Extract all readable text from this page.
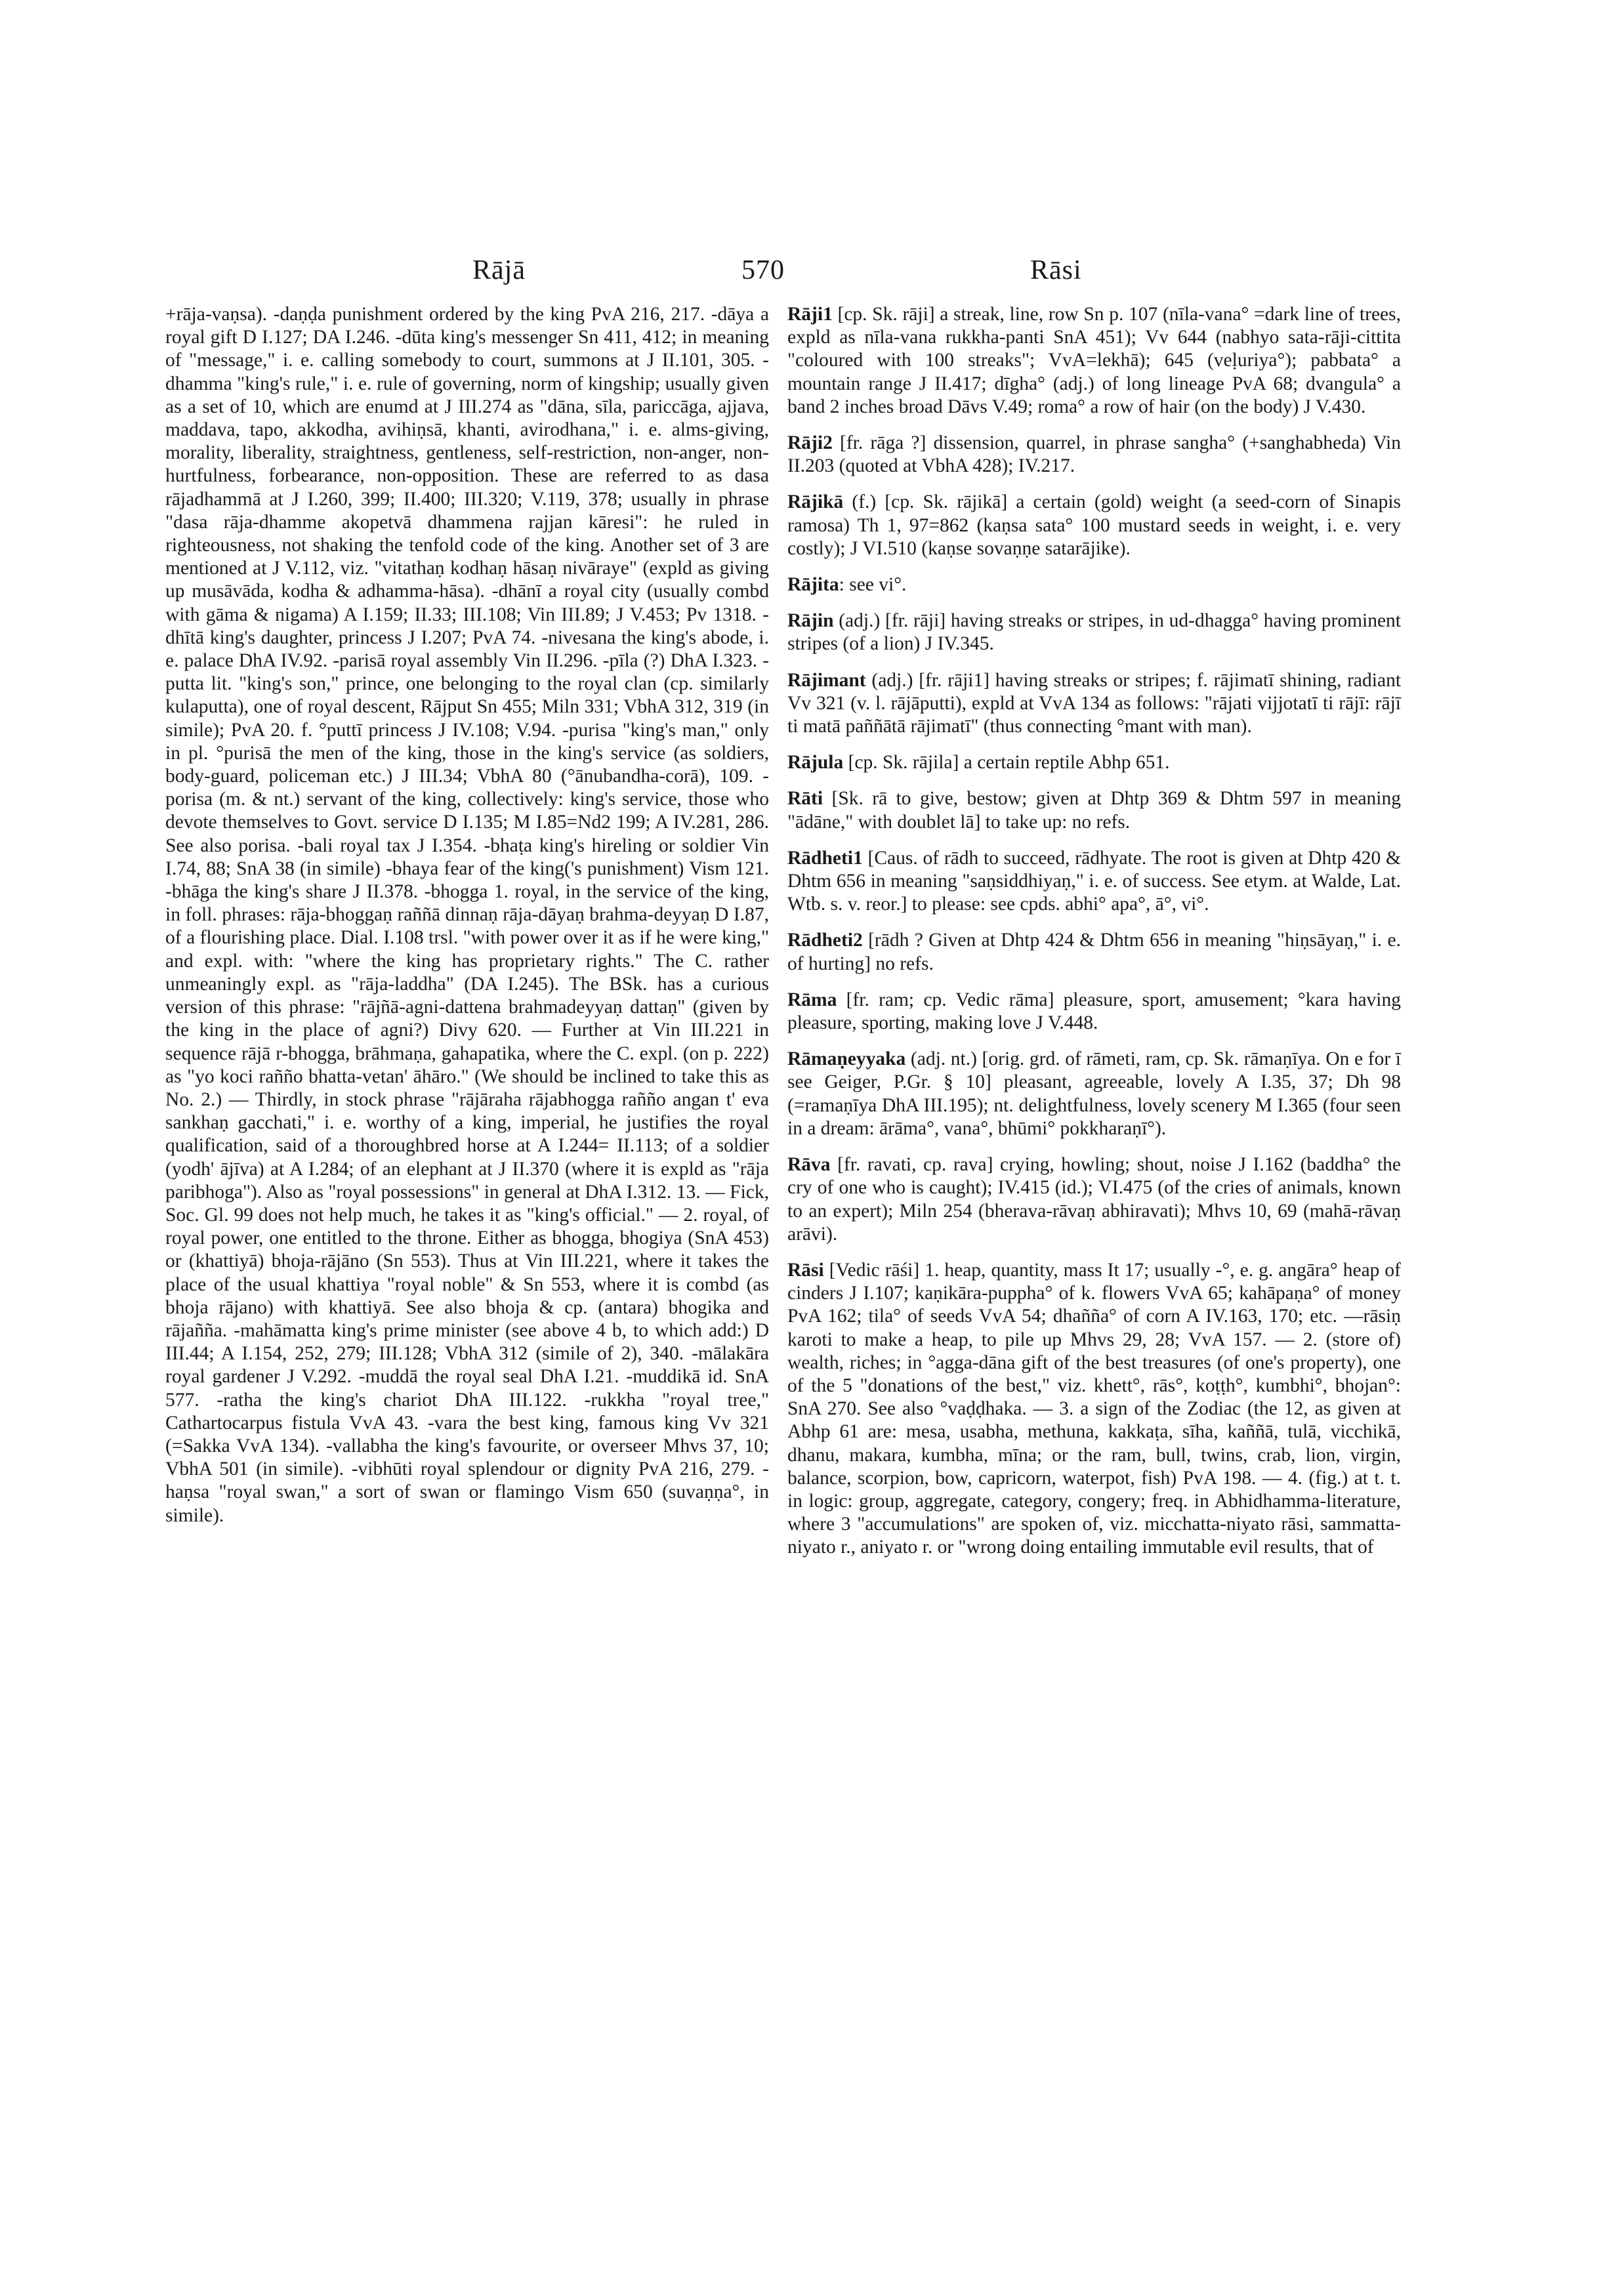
Rājā	570	Rāsi

+rāja-vaṇsa). -daṇḍa punishment ordered by the king PvA 216, 217. -dāya a royal gift D I.127; DA I.246. -dūta king's messenger Sn 411, 412; in meaning of "message," i. e. calling somebody to court, summons at J II.101, 305. -dhamma "king's rule," i. e. rule of governing, norm of kingship; usually given as a set of 10, which are enumd at J III.274 as "dāna, sīla, pariccāga, ajjava, maddava, tapo, akkodha, avihiṇsā, khanti, avirodhana," i. e. alms-giving, morality, liberality, straightness, gentleness, self-restriction, non-anger, non-hurtfulness, forbearance, non-opposition. These are referred to as dasa rājadhammā at J I.260, 399; II.400; III.320; V.119, 378; usually in phrase "dasa rāja-dhamme akopetvā dhammena rajjan kāresi": he ruled in righteousness, not shaking the tenfold code of the king. Another set of 3 are mentioned at J V.112, viz. "vitathaṇ kodhaṇ hāsaṇ nivāraye" (expld as giving up musāvāda, kodha & adhamma-hāsa). -dhānī a royal city (usually combd with gāma & nigama) A I.159; II.33; III.108; Vin III.89; J V.453; Pv 1318. -dhītā king's daughter, princess J I.207; PvA 74. -nivesana the king's abode, i. e. palace DhA IV.92. -parisā royal assembly Vin II.296. -pīla (?) DhA I.323. -putta lit. "king's son," prince, one belonging to the royal clan (cp. similarly kulaputta), one of royal descent, Rājput Sn 455; Miln 331; VbhA 312, 319 (in simile); PvA 20. f. °puttī princess J IV.108; V.94. -purisa "king's man," only in pl. °purisā the men of the king, those in the king's service (as soldiers, body-guard, policeman etc.) J III.34; VbhA 80 (°ānubandha-corā), 109. -porisa (m. & nt.) servant of the king, collectively: king's service, those who devote themselves to Govt. service D I.135; M I.85=Nd2 199; A IV.281, 286. See also porisa. -bali royal tax J I.354. -bhaṭa king's hireling or soldier Vin I.74, 88; SnA 38 (in simile) -bhaya fear of the king('s punishment) Vism 121. -bhāga the king's share J II.378. -bhogga 1. royal, in the service of the king, in foll. phrases: rāja-bhoggaṇ raññā dinnaṇ rāja-dāyaṇ brahma-deyyaṇ D I.87, of a flourishing place. Dial. I.108 trsl. "with power over it as if he were king," and expl. with: "where the king has proprietary rights." The C. rather unmeaningly expl. as "rāja-laddha" (DA I.245). The BSk. has a curious version of this phrase: "rājñā-agni-dattena brahmadeyyaṇ dattaṇ" (given by the king in the place of agni?) Divy 620. — Further at Vin III.221 in sequence rājā r-bhogga, brāhmaṇa, gahapatika, where the C. expl. (on p. 222) as "yo koci rañño bhatta-vetan' āhāro." (We should be inclined to take this as No. 2.) — Thirdly, in stock phrase "rājāraha rājabhogga rañño angan t' eva sankhaṇ gacchati," i. e. worthy of a king, imperial, he justifies the royal qualification, said of a thoroughbred horse at A I.244= II.113; of a soldier (yodh' ājīva) at A I.284; of an elephant at J II.370 (where it is expld as "rāja paribhoga"). Also as "royal possessions" in general at DhA I.312. 13. — Fick, Soc. Gl. 99 does not help much, he takes it as "king's official." — 2. royal, of royal power, one entitled to the throne. Either as bhogga, bhogiya (SnA 453) or (khattiyā) bhoja-rājāno (Sn 553). Thus at Vin III.221, where it takes the place of the usual khattiya "royal noble" & Sn 553, where it is combd (as bhoja rājano) with khattiyā. See also bhoja & cp. (antara) bhogika and rājañña. -mahāmatta king's prime minister (see above 4 b, to which add:) D III.44; A I.154, 252, 279; III.128; VbhA 312 (simile of 2), 340. -mālakāra royal gardener J V.292. -muddā the royal seal DhA I.21. -muddikā id. SnA 577. -ratha the king's chariot DhA III.122. -rukkha "royal tree," Cathartocarpus fistula VvA 43. -vara the best king, famous king Vv 321 (=Sakka VvA 134). -vallabha the king's favourite, or overseer Mhvs 37, 10; VbhA 501 (in simile). -vibhūti royal splendour or dignity PvA 216, 279. -haṇsa "royal swan," a sort of swan or flamingo Vism 650 (suvaṇṇa°, in simile).

Rāji1 [cp. Sk. rāji] a streak, line, row Sn p. 107 (nīla-vana° =dark line of trees, expld as nīla-vana rukkha-panti SnA 451); Vv 644 (nabhyo sata-rāji-cittita "coloured with 100 streaks"; VvA=lekhā); 645 (veḷuriya°); pabbata° a mountain range J II.417; dīgha° (adj.) of long lineage PvA 68; dvangula° a band 2 inches broad Dāvs V.49; roma° a row of hair (on the body) J V.430.

Rāji2 [fr. rāga ?] dissension, quarrel, in phrase sangha° (+sanghabheda) Vin II.203 (quoted at VbhA 428); IV.217.

Rājikā (f.) [cp. Sk. rājikā] a certain (gold) weight (a seed-corn of Sinapis ramosa) Th 1, 97=862 (kaṇsa sata° 100 mustard seeds in weight, i. e. very costly); J VI.510 (kaṇse sovaṇṇe satarājike).

Rājita: see vi°.

Rājin (adj.) [fr. rāji] having streaks or stripes, in ud-dhagga° having prominent stripes (of a lion) J IV.345.

Rājimant (adj.) [fr. rāji1] having streaks or stripes; f. rājimatī shining, radiant Vv 321 (v. l. rājāputti), expld at VvA 134 as follows: "rājati vijjotatī ti rājī: rājī ti matā paññātā rājimatī" (thus connecting °mant with man).

Rājula [cp. Sk. rājila] a certain reptile Abhp 651.

Rāti [Sk. rā to give, bestow; given at Dhtp 369 & Dhtm 597 in meaning "ādāne," with doublet lā] to take up: no refs.

Rādheti1 [Caus. of rādh to succeed, rādhyate. The root is given at Dhtp 420 & Dhtm 656 in meaning "saṇsiddhiyaṇ," i. e. of success. See etym. at Walde, Lat. Wtb. s. v. reor.] to please: see cpds. abhi° apa°, ā°, vi°.

Rādheti2 [rādh ? Given at Dhtp 424 & Dhtm 656 in meaning "hiṇsāyaṇ," i. e. of hurting] no refs.

Rāma [fr. ram; cp. Vedic rāma] pleasure, sport, amusement; °kara having pleasure, sporting, making love J V.448.

Rāmaṇeyyaka (adj. nt.) [orig. grd. of rāmeti, ram, cp. Sk. rāmaṇīya. On e for ī see Geiger, P.Gr. § 10] pleasant, agreeable, lovely A I.35, 37; Dh 98 (=ramaṇīya DhA III.195); nt. delightfulness, lovely scenery M I.365 (four seen in a dream: ārāma°, vana°, bhūmi° pokkharaṇī°).

Rāva [fr. ravati, cp. rava] crying, howling; shout, noise J I.162 (baddha° the cry of one who is caught); IV.415 (id.); VI.475 (of the cries of animals, known to an expert); Miln 254 (bherava-rāvaṇ abhiravati); Mhvs 10, 69 (mahā-rāvaṇ arāvi).

Rāsi [Vedic rāśi] 1. heap, quantity, mass It 17; usually -°, e. g. angāra° heap of cinders J I.107; kaṇikāra-puppha° of k. flowers VvA 65; kahāpaṇa° of money PvA 162; tila° of seeds VvA 54; dhañña° of corn A IV.163, 170; etc. —rāsiṇ karoti to make a heap, to pile up Mhvs 29, 28; VvA 157. — 2. (store of) wealth, riches; in °agga-dāna gift of the best treasures (of one's property), one of the 5 "donations of the best," viz. khett°, rās°, koṭṭh°, kumbhi°, bhojan°: SnA 270. See also °vaḍḍhaka. — 3. a sign of the Zodiac (the 12, as given at Abhp 61 are: mesa, usabha, methuna, kakkaṭa, sīha, kaññā, tulā, vicchikā, dhanu, makara, kumbha, mīna; or the ram, bull, twins, crab, lion, virgin, balance, scorpion, bow, capricorn, waterpot, fish) PvA 198. — 4. (fig.) at t. t. in logic: group, aggregate, category, congery; freq. in Abhidhamma-literature, where 3 "accumulations" are spoken of, viz. micchatta-niyato rāsi, sammatta-niyato r., aniyato r. or "wrong doing entailing immutable evil results, that of
